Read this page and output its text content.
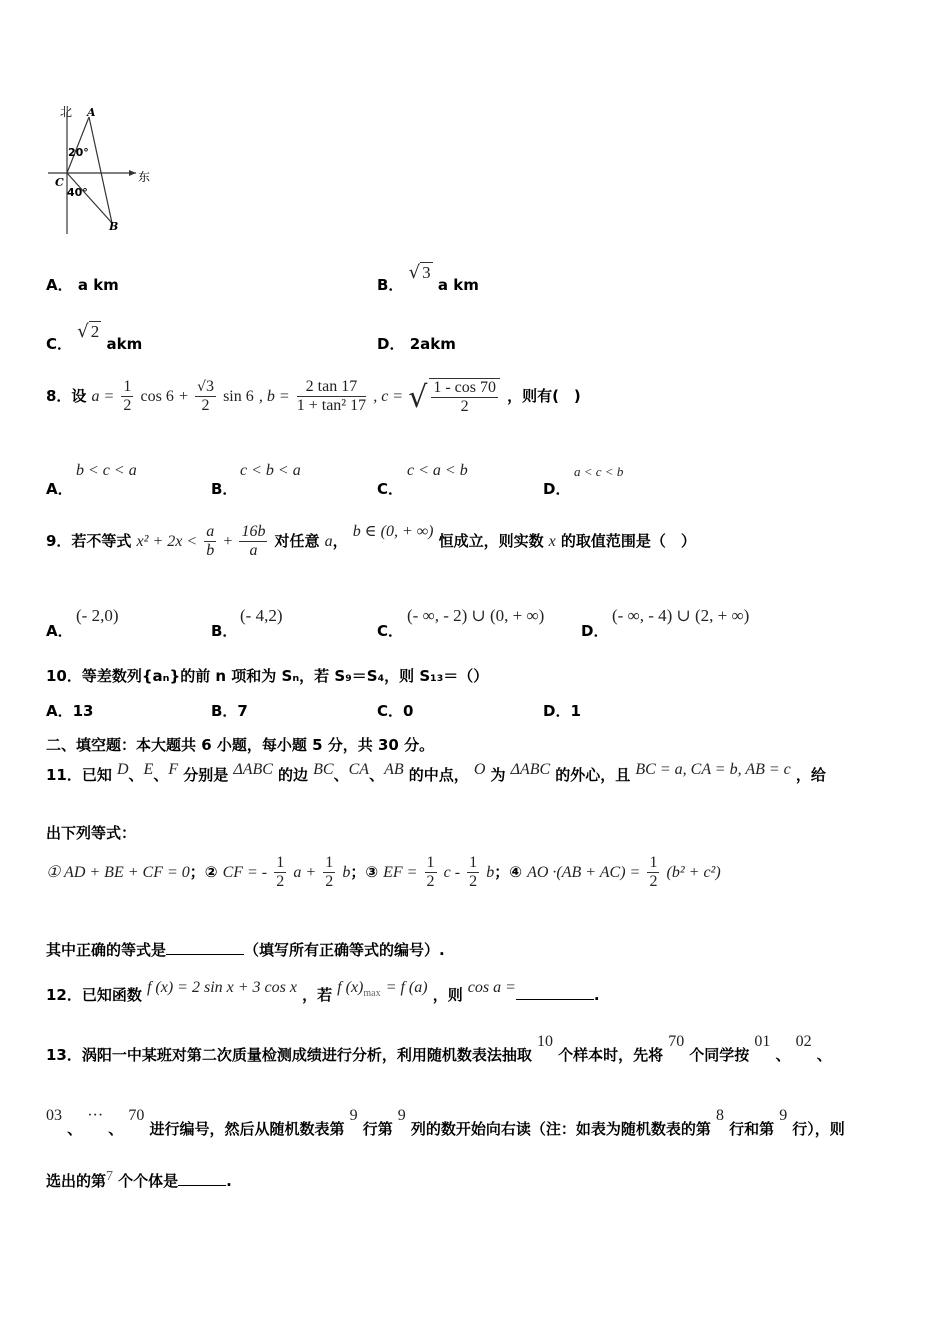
北
东
A
C
B
20°
40°
A． a km	B． √ 3 a km
C． √ 2 akm	D． 2akm
8．设 $a = \frac{1}{2}$ $\cos 6 + \frac{√3}{2}$ sin 6 , $b = \frac{2 \tan 17}{\text{1 + tan² 17}}$ , c = √ $\frac{1 - \cos 70}{2}$ ，则有(　)
A．
b < c < a
B．
c < b < a
C．
c < a < b
D．
a < c < b
9．若不等式 $x^2 + 2x < \frac{a}{b} + \frac{16b}{a}$ 对任意 a， b ∈ (0, + ∞) 恒成立，则实数 x 的取值范围是（　）
A．
(- 2,0)
B．
(- 4,2)
C．
(- ∞, - 2) ∪ (0, + ∞)
D．
(- ∞, - 4) ∪ (2, + ∞)
10．等差数列{aₙ}的前 n 项和为 Sₙ，若 S₉＝S₄，则 S₁₃＝（）
A．13	B．7	C．0	D．1
二、填空题：本大题共 6 小题，每小题 5 分，共 30 分。
11．已知 D、E、F 分别是 ΔABC 的边 BC、CA、AB 的中点， O 为 ΔABC 的外心，且 BC = a, CA = b, AB = c ，给
出下列等式：
① AD + BE + CF = 0；② CF = - $\frac{1}{2}$ $a + \frac{1}{2}$ b；③ EF = $\frac{1}{2}$ c - $\frac{1}{2}$ b；④ AO $\cdot(AB + AC) = \frac{1}{2} (b^2 + c^2)$
其中正确的等式是	（填写所有正确等式的编号）.
12．已知函数 f (x) = 2 sin x + 3 cos x ，若 f $(x)_{max} = f$ (a) ，则 cos a =	.
13．涡阳一中某班对第二次质量检测成绩进行分析，利用随机数表法抽取 10 个样本时，先将 70 个同学按 01 、 02 、
03 、 ··· 、 70 进行编号，然后从随机数表第 9 行第 9 列的数开始向右读（注：如表为随机数表的第 8 行和第 9 行），则
选出的第7 个个体是	.
